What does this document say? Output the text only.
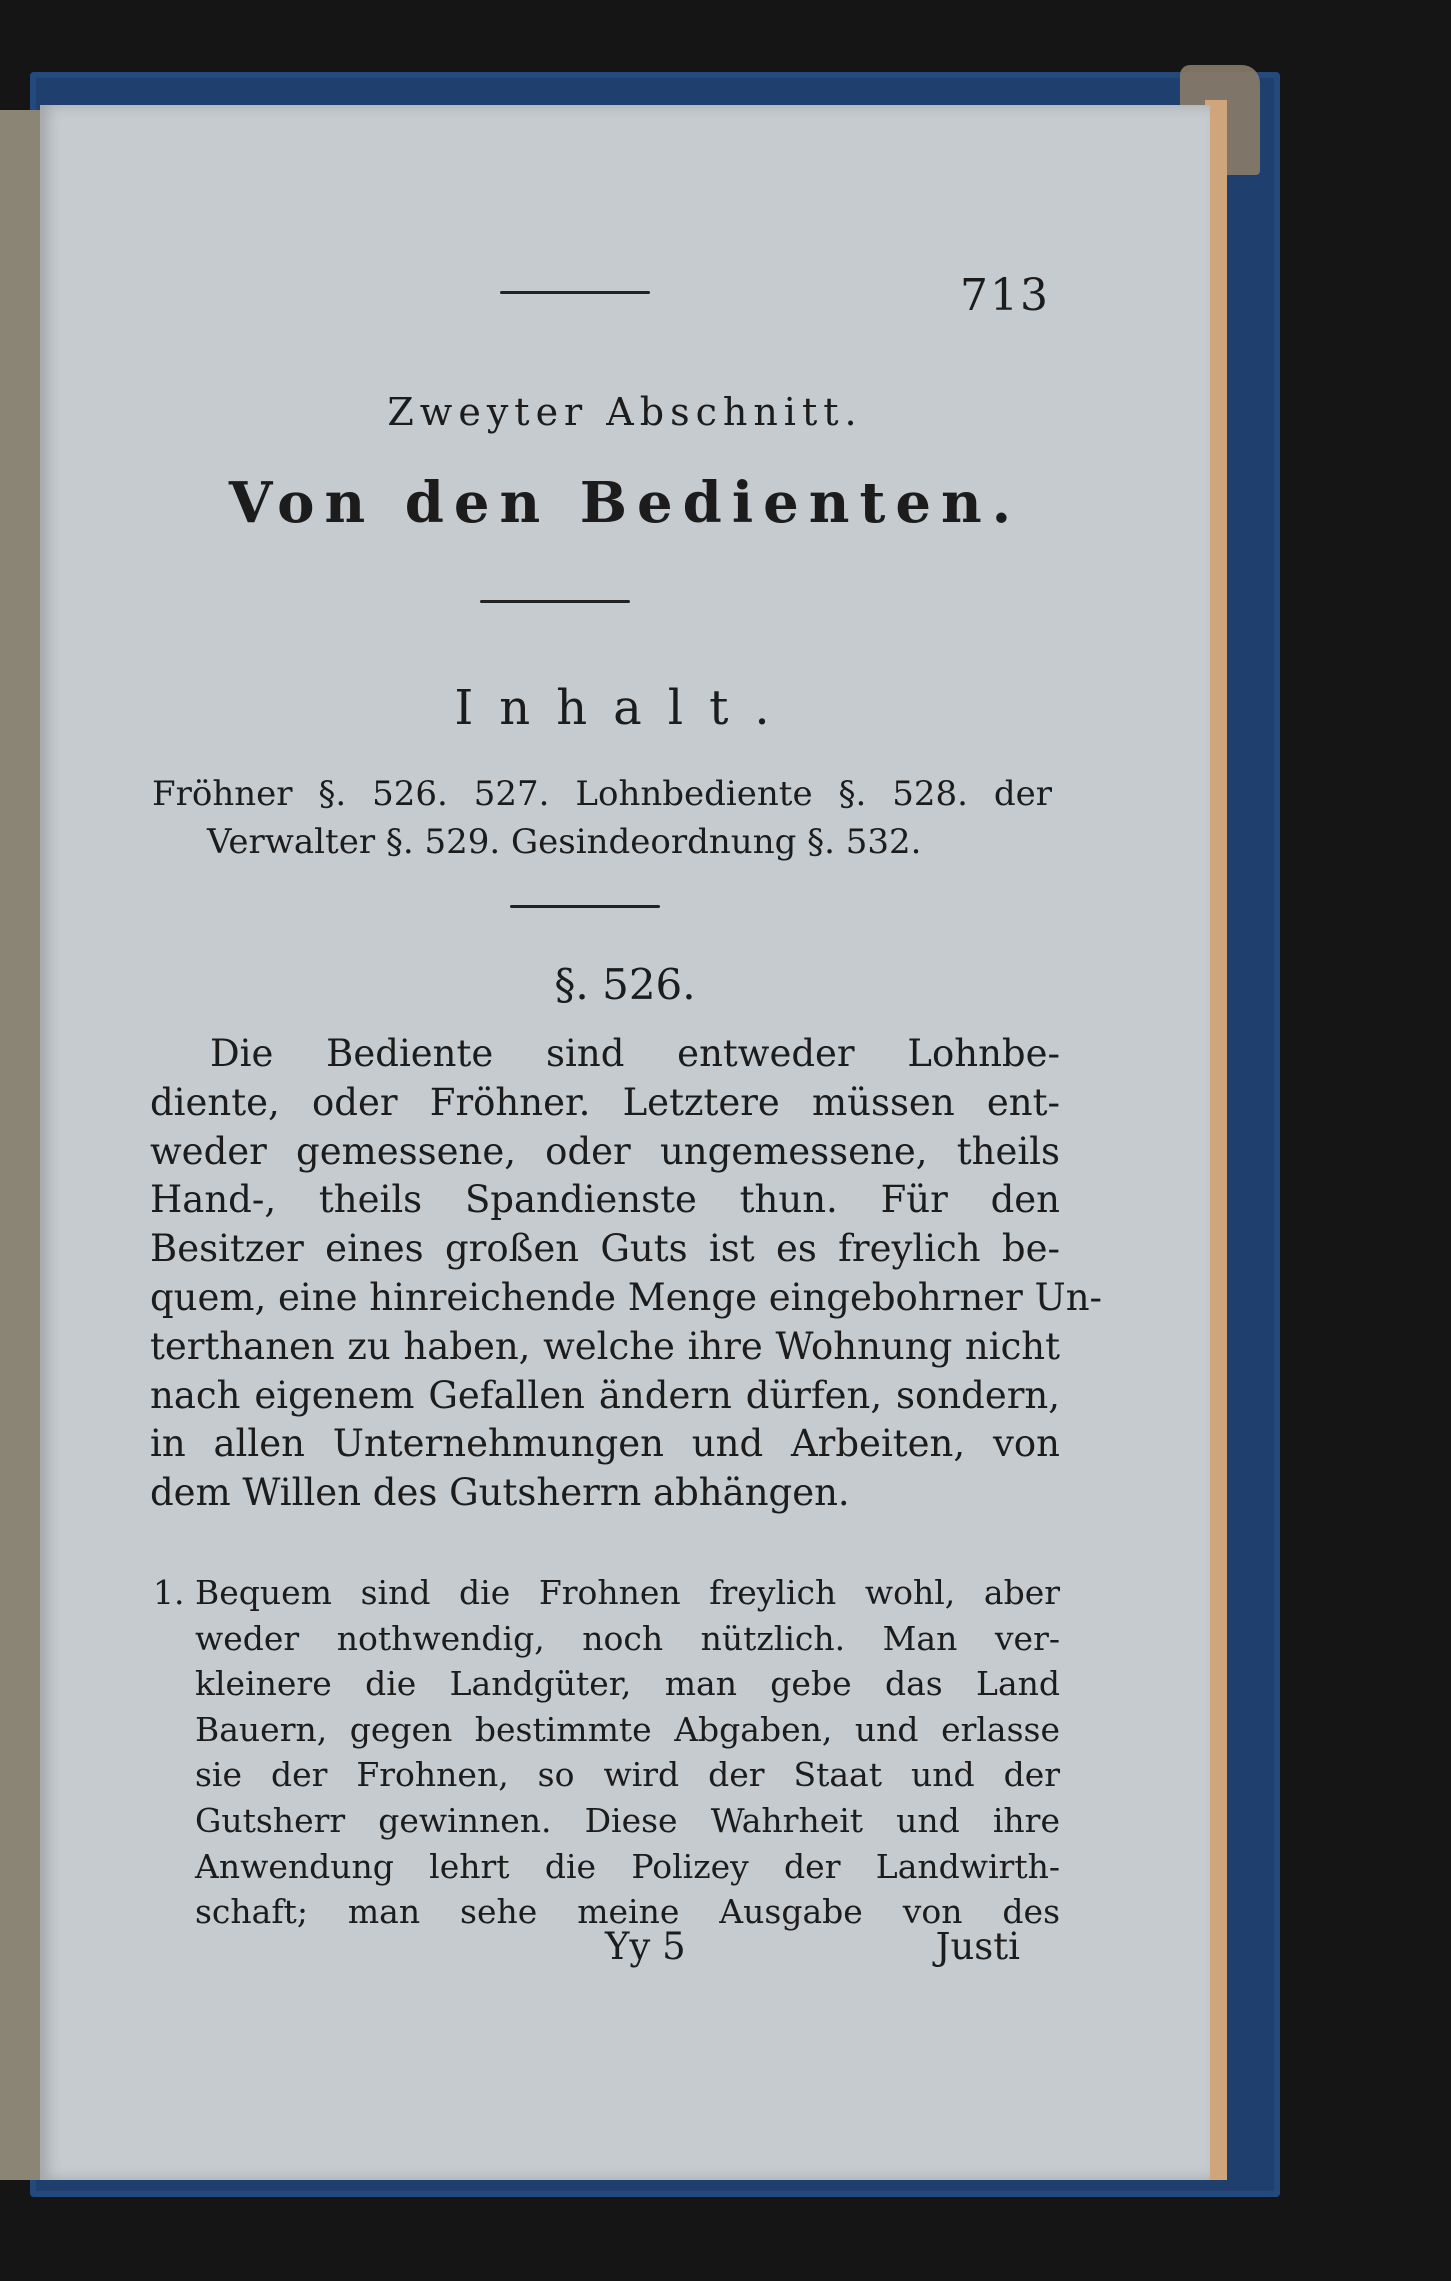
713
Zweyter Abschnitt.
Von den Bedienten.
Inhalt.
Fröhner §. 526. 527. Lohnbediente §. 528. der
Verwalter §. 529. Gesindeordnung §. 532.
§. 526.
Die Bediente sind entweder Lohnbe-
diente, oder Fröhner. Letztere müssen ent-
weder gemessene, oder ungemessene, theils
Hand-, theils Spandienste thun. Für den
Besitzer eines großen Guts ist es freylich be-
quem, eine hinreichende Menge eingebohrner Un-
terthanen zu haben, welche ihre Wohnung nicht
nach eigenem Gefallen ändern dürfen, sondern,
in allen Unternehmungen und Arbeiten, von
dem Willen des Gutsherrn abhängen.
1. Bequem sind die Frohnen freylich wohl, aber
weder nothwendig, noch nützlich. Man ver-
kleinere die Landgüter, man gebe das Land
Bauern, gegen bestimmte Abgaben, und erlasse
sie der Frohnen, so wird der Staat und der
Gutsherr gewinnen. Diese Wahrheit und ihre
Anwendung lehrt die Polizey der Landwirth-
schaft; man sehe meine Ausgabe von des
Yy 5	Justi
